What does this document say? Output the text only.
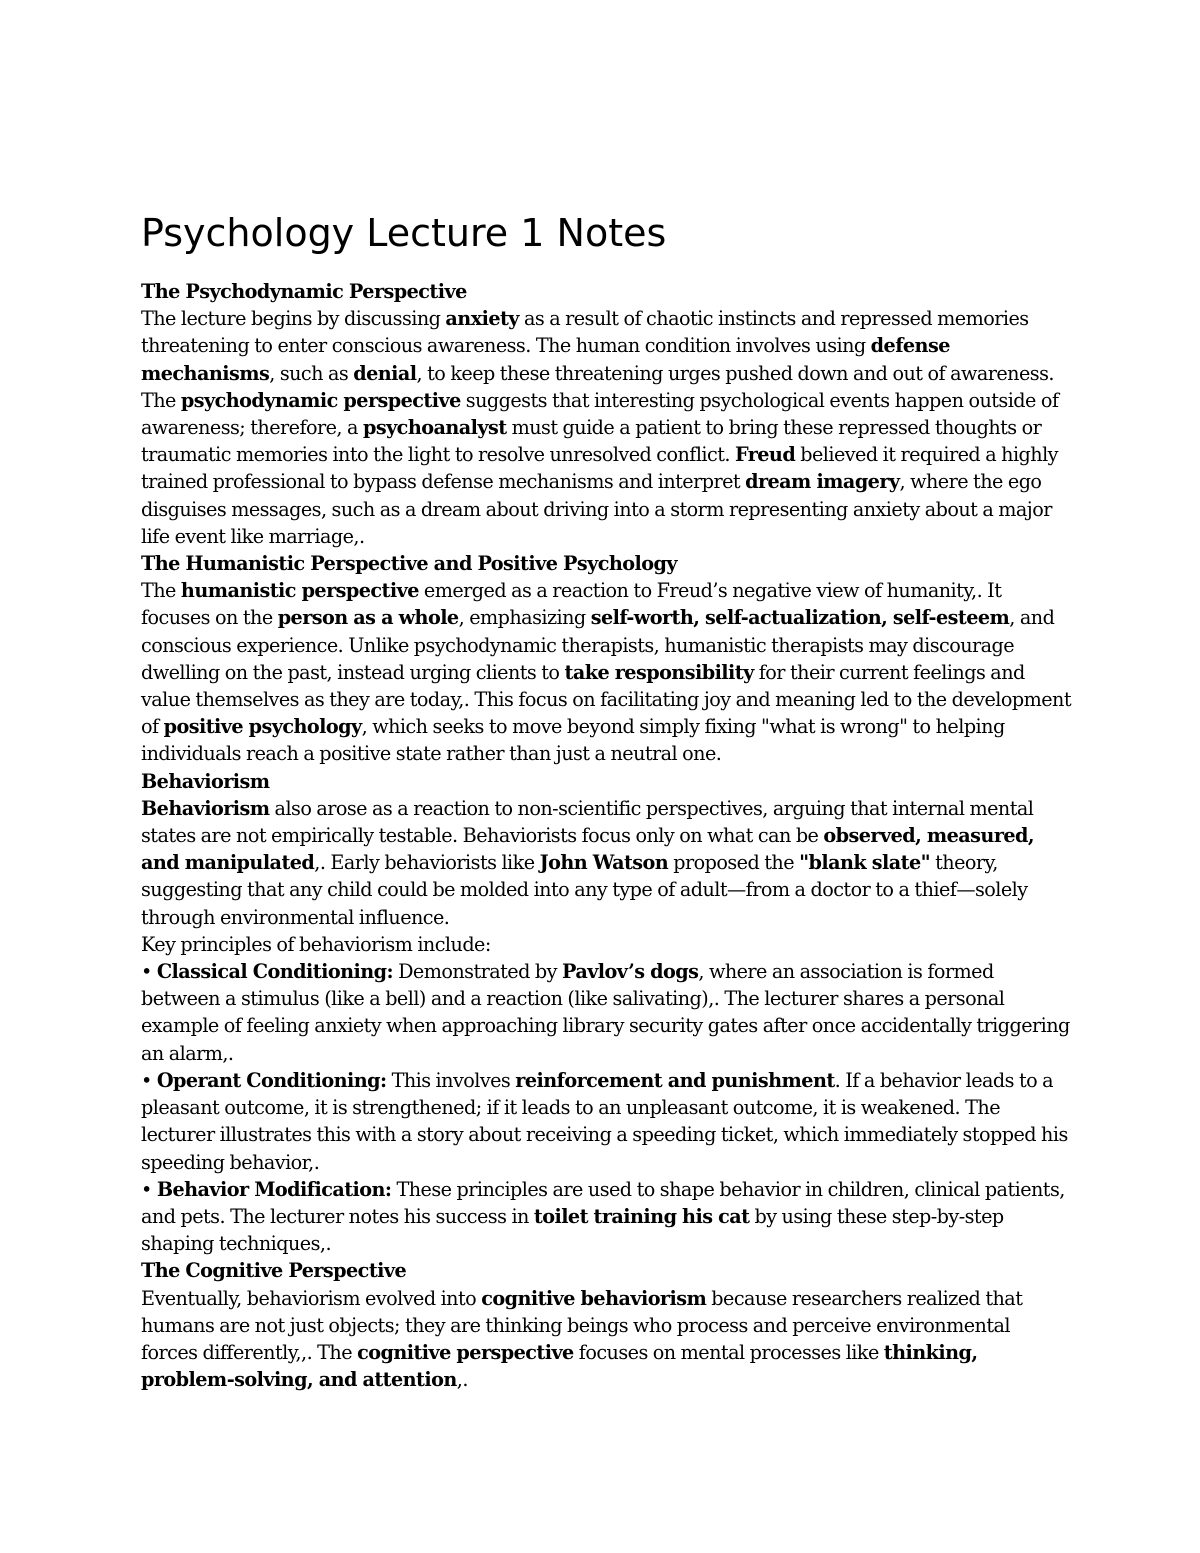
Psychology Lecture 1 Notes
The Psychodynamic Perspective

The lecture begins by discussing anxiety as a result of chaotic instincts and repressed memories threatening to enter conscious awareness. The human condition involves using defense mechanisms, such as denial, to keep these threatening urges pushed down and out of awareness. The psychodynamic perspective suggests that interesting psychological events happen outside of awareness; therefore, a psychoanalyst must guide a patient to bring these repressed thoughts or traumatic memories into the light to resolve unresolved conflict. Freud believed it required a highly trained professional to bypass defense mechanisms and interpret dream imagery, where the ego disguises messages, such as a dream about driving into a storm representing anxiety about a major life event like marriage,.

The Humanistic Perspective and Positive Psychology

The humanistic perspective emerged as a reaction to Freud’s negative view of humanity,. It focuses on the person as a whole, emphasizing self-worth, self-actualization, self-esteem, and conscious experience. Unlike psychodynamic therapists, humanistic therapists may discourage dwelling on the past, instead urging clients to take responsibility for their current feelings and value themselves as they are today,. This focus on facilitating joy and meaning led to the development of positive psychology, which seeks to move beyond simply fixing "what is wrong" to helping individuals reach a positive state rather than just a neutral one.

Behaviorism

Behaviorism also arose as a reaction to non-scientific perspectives, arguing that internal mental states are not empirically testable. Behaviorists focus only on what can be observed, measured, and manipulated,. Early behaviorists like John Watson proposed the "blank slate" theory, suggesting that any child could be molded into any type of adult—from a doctor to a thief—solely through environmental influence.

Key principles of behaviorism include:

• Classical Conditioning: Demonstrated by Pavlov’s dogs, where an association is formed between a stimulus (like a bell) and a reaction (like salivating),. The lecturer shares a personal example of feeling anxiety when approaching library security gates after once accidentally triggering an alarm,.

• Operant Conditioning: This involves reinforcement and punishment. If a behavior leads to a pleasant outcome, it is strengthened; if it leads to an unpleasant outcome, it is weakened. The lecturer illustrates this with a story about receiving a speeding ticket, which immediately stopped his speeding behavior,.

• Behavior Modification: These principles are used to shape behavior in children, clinical patients, and pets. The lecturer notes his success in toilet training his cat by using these step-by-step shaping techniques,.

The Cognitive Perspective

Eventually, behaviorism evolved into cognitive behaviorism because researchers realized that humans are not just objects; they are thinking beings who process and perceive environmental forces differently,,. The cognitive perspective focuses on mental processes like thinking, problem-solving, and attention,.
